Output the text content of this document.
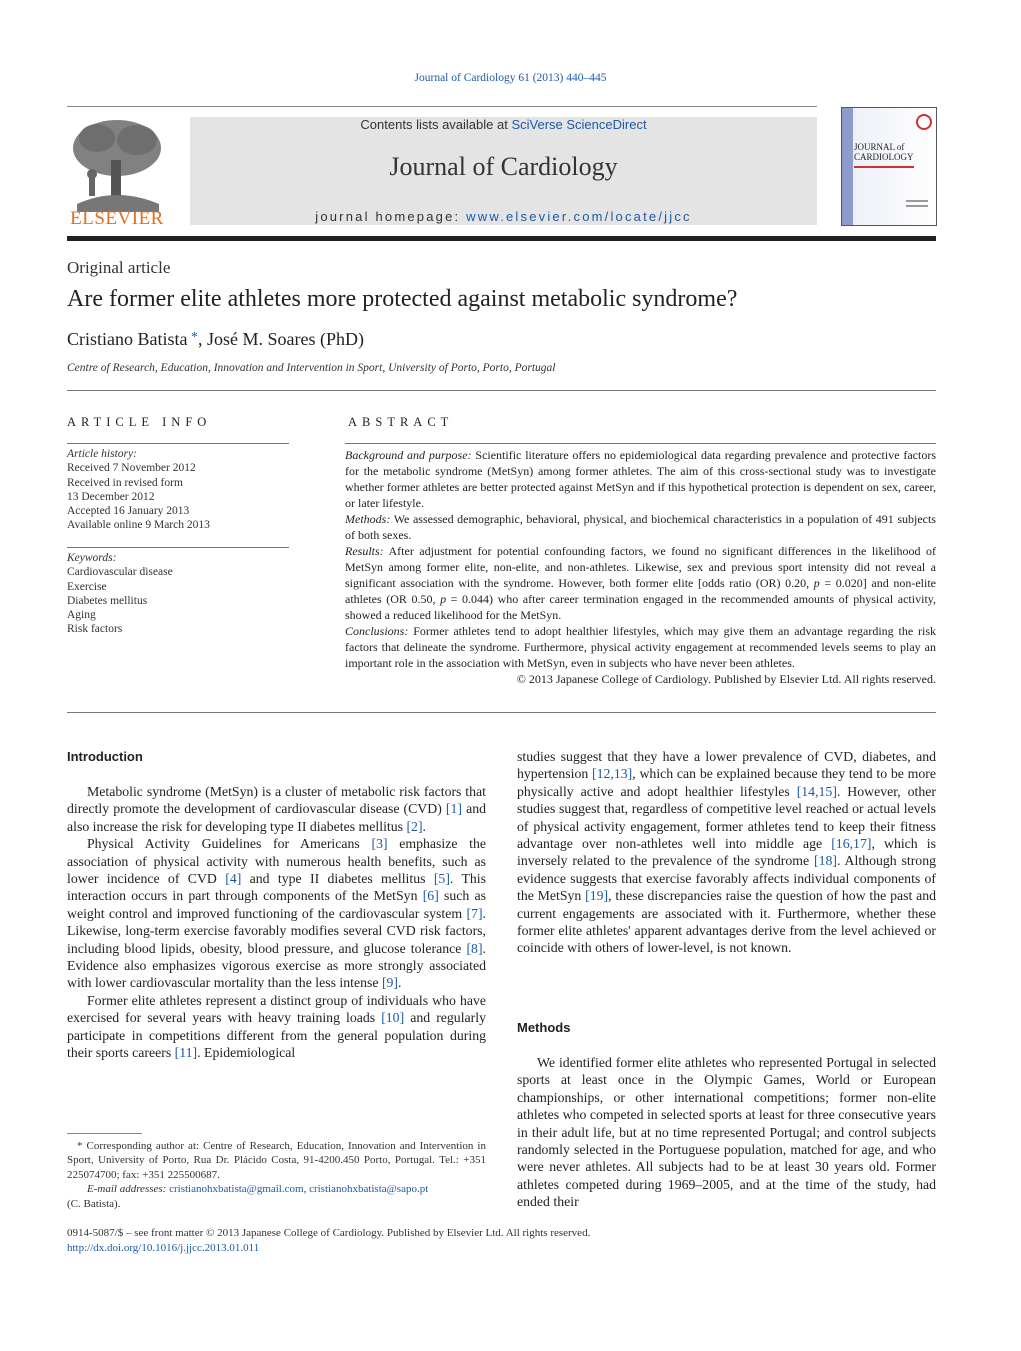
Journal of Cardiology 61 (2013) 440–445
ELSEVIER
Contents lists available at SciVerse ScienceDirect
Journal of Cardiology
journal homepage: www.elsevier.com/locate/jjcc
JOURNAL of
CARDIOLOGY
Original article
Are former elite athletes more protected against metabolic syndrome?
Cristiano Batista *, José M. Soares (PhD)
Centre of Research, Education, Innovation and Intervention in Sport, University of Porto, Porto, Portugal
ARTICLE INFO
Article history:
Received 7 November 2012
Received in revised form
13 December 2012
Accepted 16 January 2013
Available online 9 March 2013
Keywords:
Cardiovascular disease
Exercise
Diabetes mellitus
Aging
Risk factors
ABSTRACT

Background and purpose: Scientific literature offers no epidemiological data regarding prevalence and protective factors for the metabolic syndrome (MetSyn) among former athletes. The aim of this cross-sectional study was to investigate whether former athletes are better protected against MetSyn and if this hypothetical protection is dependent on sex, career, or later lifestyle.

Methods: We assessed demographic, behavioral, physical, and biochemical characteristics in a population of 491 subjects of both sexes.

Results: After adjustment for potential confounding factors, we found no significant differences in the likelihood of MetSyn among former elite, non-elite, and non-athletes. Likewise, sex and previous sport intensity did not reveal a significant association with the syndrome. However, both former elite [odds ratio (OR) 0.20, p = 0.020] and non-elite athletes (OR 0.50, p = 0.044) who after career termination engaged in the recommended amounts of physical activity, showed a reduced likelihood for the MetSyn.

Conclusions: Former athletes tend to adopt healthier lifestyles, which may give them an advantage regarding the risk factors that delineate the syndrome. Furthermore, physical activity engagement at recommended levels seems to play an important role in the association with MetSyn, even in subjects who have never been athletes.

© 2013 Japanese College of Cardiology. Published by Elsevier Ltd. All rights reserved.

Introduction

Metabolic syndrome (MetSyn) is a cluster of metabolic risk factors that directly promote the development of cardiovascular disease (CVD) [1] and also increase the risk for developing type II diabetes mellitus [2].

Physical Activity Guidelines for Americans [3] emphasize the association of physical activity with numerous health benefits, such as lower incidence of CVD [4] and type II diabetes mellitus [5]. This interaction occurs in part through components of the MetSyn [6] such as weight control and improved functioning of the cardiovascular system [7]. Likewise, long-term exercise favorably modifies several CVD risk factors, including blood lipids, obesity, blood pressure, and glucose tolerance [8]. Evidence also emphasizes vigorous exercise as more strongly associated with lower cardiovascular mortality than the less intense [9].

Former elite athletes represent a distinct group of individuals who have exercised for several years with heavy training loads [10] and regularly participate in competitions different from the general population during their sports careers [11]. Epidemiological

* Corresponding author at: Centre of Research, Education, Innovation and Intervention in Sport, University of Porto, Rua Dr. Plácido Costa, 91-4200.450 Porto, Portugal. Tel.: +351 225074700; fax: +351 225500687.
E-mail addresses: cristianohxbatista@gmail.com, cristianohxbatista@sapo.pt
(C. Batista).

studies suggest that they have a lower prevalence of CVD, diabetes, and hypertension [12,13], which can be explained because they tend to be more physically active and adopt healthier lifestyles [14,15]. However, other studies suggest that, regardless of competitive level reached or actual levels of physical activity engagement, former athletes tend to keep their fitness advantage over non-athletes well into middle age [16,17], which is inversely related to the prevalence of the syndrome [18]. Although strong evidence suggests that exercise favorably affects individual components of the MetSyn [19], these discrepancies raise the question of how the past and current engagements are associated with it. Furthermore, whether these former elite athletes' apparent advantages derive from the level achieved or coincide with others of lower-level, is not known.

Methods

We identified former elite athletes who represented Portugal in selected sports at least once in the Olympic Games, World or European championships, or other international competitions; former non-elite athletes who competed in selected sports at least for three consecutive years in their adult life, but at no time represented Portugal; and control subjects randomly selected in the Portuguese population, matched for age, and who were never athletes. All subjects had to be at least 30 years old. Former athletes competed during 1969–2005, and at the time of the study, had ended their

0914-5087/$ – see front matter © 2013 Japanese College of Cardiology. Published by Elsevier Ltd. All rights reserved.
http://dx.doi.org/10.1016/j.jjcc.2013.01.011
